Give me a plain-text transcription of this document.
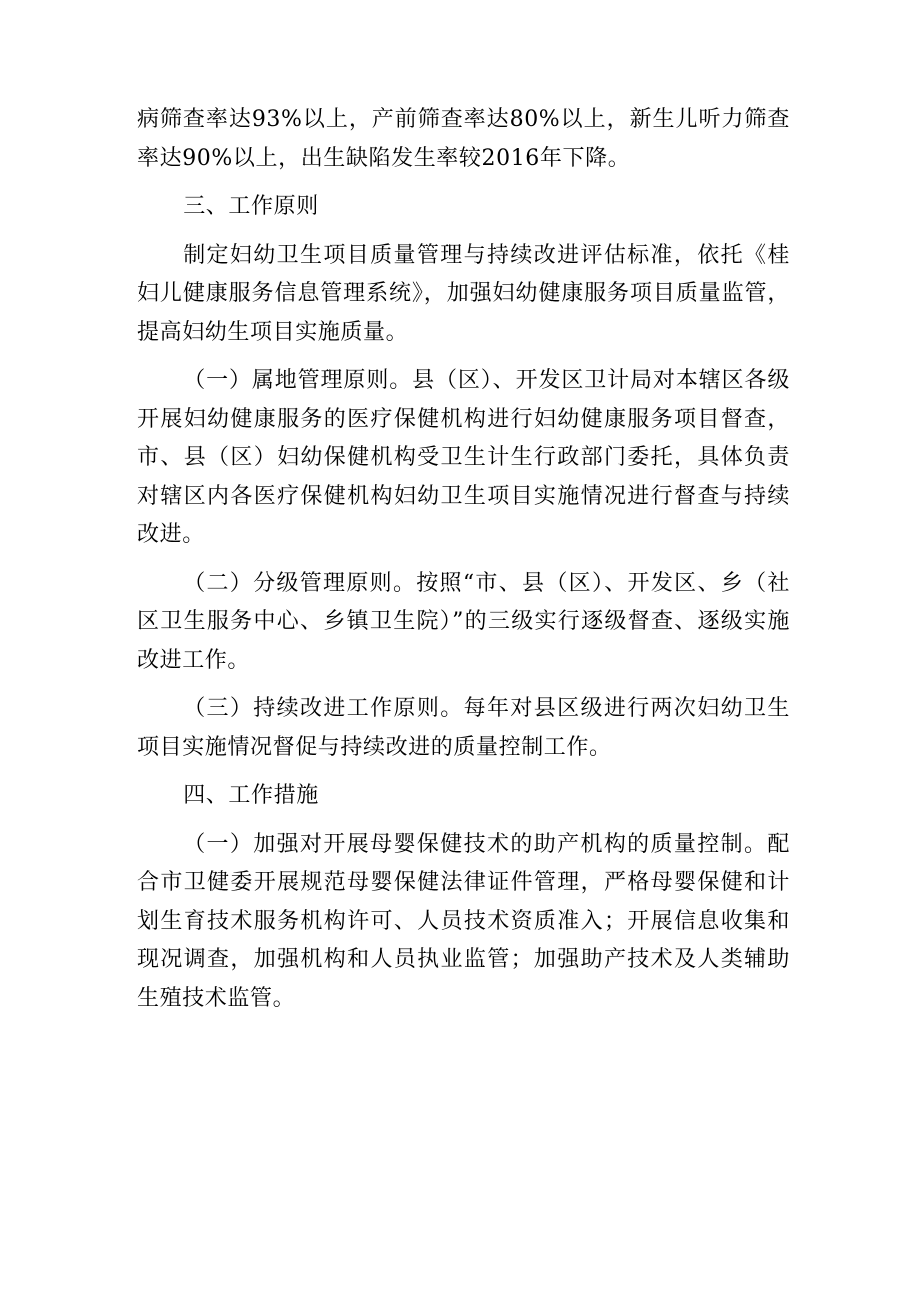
病筛查率达93%以上，产前筛查率达80%以上，新生儿听力筛查率达90%以上，出生缺陷发生率较2016年下降。

三、工作原则

制定妇幼卫生项目质量管理与持续改进评估标准，依托《桂妇儿健康服务信息管理系统》，加强妇幼健康服务项目质量监管，提高妇幼生项目实施质量。

（一）属地管理原则。县（区）、开发区卫计局对本辖区各级开展妇幼健康服务的医疗保健机构进行妇幼健康服务项目督查，市、县（区）妇幼保健机构受卫生计生行政部门委托，具体负责对辖区内各医疗保健机构妇幼卫生项目实施情况进行督查与持续改进。

（二）分级管理原则。按照“市、县（区）、开发区、乡（社区卫生服务中心、乡镇卫生院）”的三级实行逐级督查、逐级实施改进工作。

（三）持续改进工作原则。每年对县区级进行两次妇幼卫生项目实施情况督促与持续改进的质量控制工作。

四、工作措施

（一）加强对开展母婴保健技术的助产机构的质量控制。配合市卫健委开展规范母婴保健法律证件管理，严格母婴保健和计划生育技术服务机构许可、人员技术资质准入；开展信息收集和现况调查，加强机构和人员执业监管；加强助产技术及人类辅助生殖技术监管。
